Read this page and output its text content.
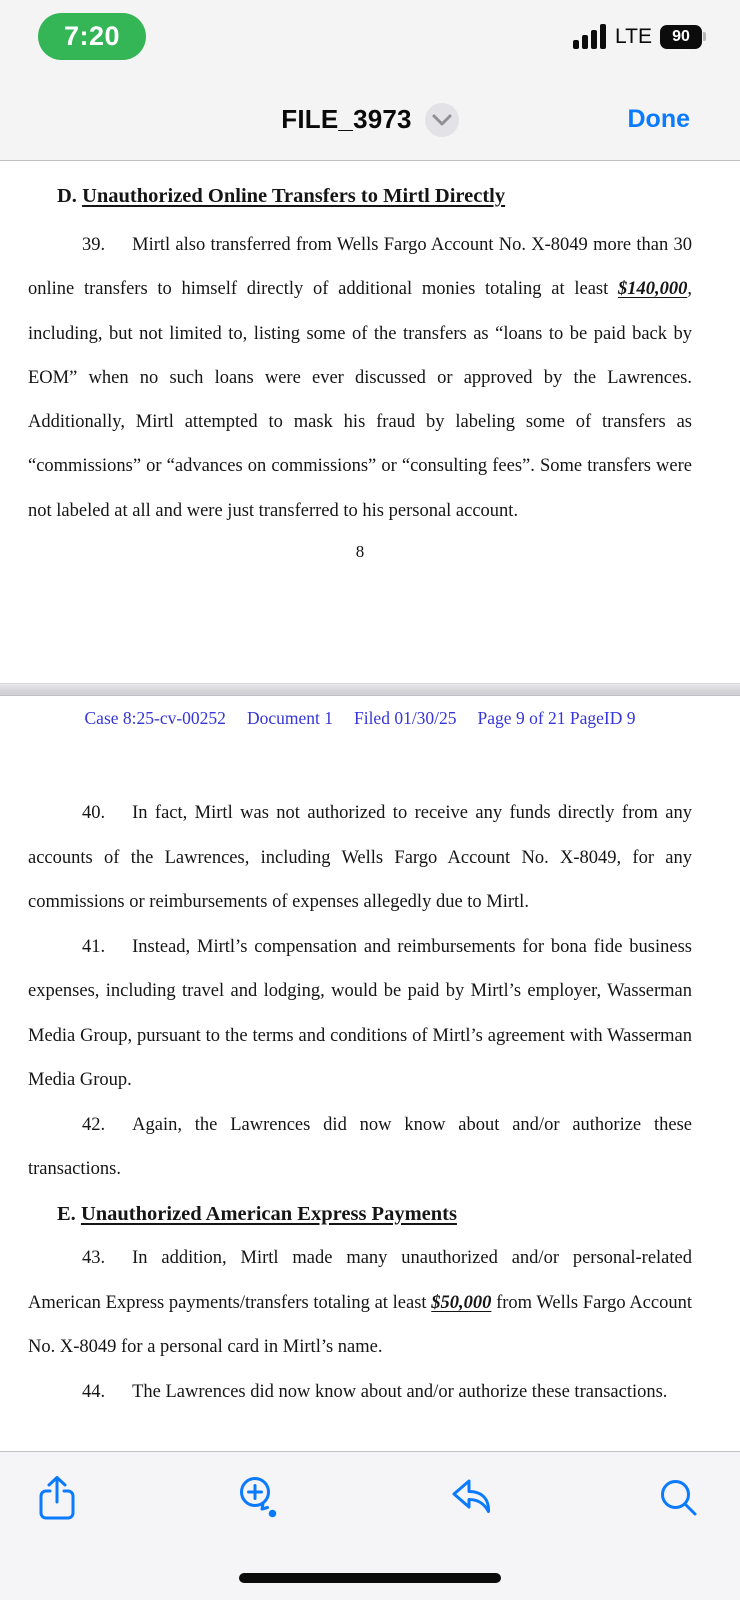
7:20	LTE 90
FILE_3973	Done
D. Unauthorized Online Transfers to Mirtl Directly

39. Mirtl also transferred from Wells Fargo Account No. X-8049 more than 30 online transfers to himself directly of additional monies totaling at least $140,000, including, but not limited to, listing some of the transfers as “loans to be paid back by EOM” when no such loans were ever discussed or approved by the Lawrences. Additionally, Mirtl attempted to mask his fraud by labeling some of transfers as “commissions” or “advances on commissions” or “consulting fees”. Some transfers were not labeled at all and were just transferred to his personal account.

8
Case 8:25-cv-00252 Document 1 Filed 01/30/25 Page 9 of 21 PageID 9

40. In fact, Mirtl was not authorized to receive any funds directly from any accounts of the Lawrences, including Wells Fargo Account No. X-8049, for any commissions or reimbursements of expenses allegedly due to Mirtl.

41. Instead, Mirtl’s compensation and reimbursements for bona fide business expenses, including travel and lodging, would be paid by Mirtl’s employer, Wasserman Media Group, pursuant to the terms and conditions of Mirtl’s agreement with Wasserman Media Group.

42. Again, the Lawrences did now know about and/or authorize these transactions.

E. Unauthorized American Express Payments

43. In addition, Mirtl made many unauthorized and/or personal-related American Express payments/transfers totaling at least $50,000 from Wells Fargo Account No. X-8049 for a personal card in Mirtl’s name.

44. The Lawrences did now know about and/or authorize these transactions.
